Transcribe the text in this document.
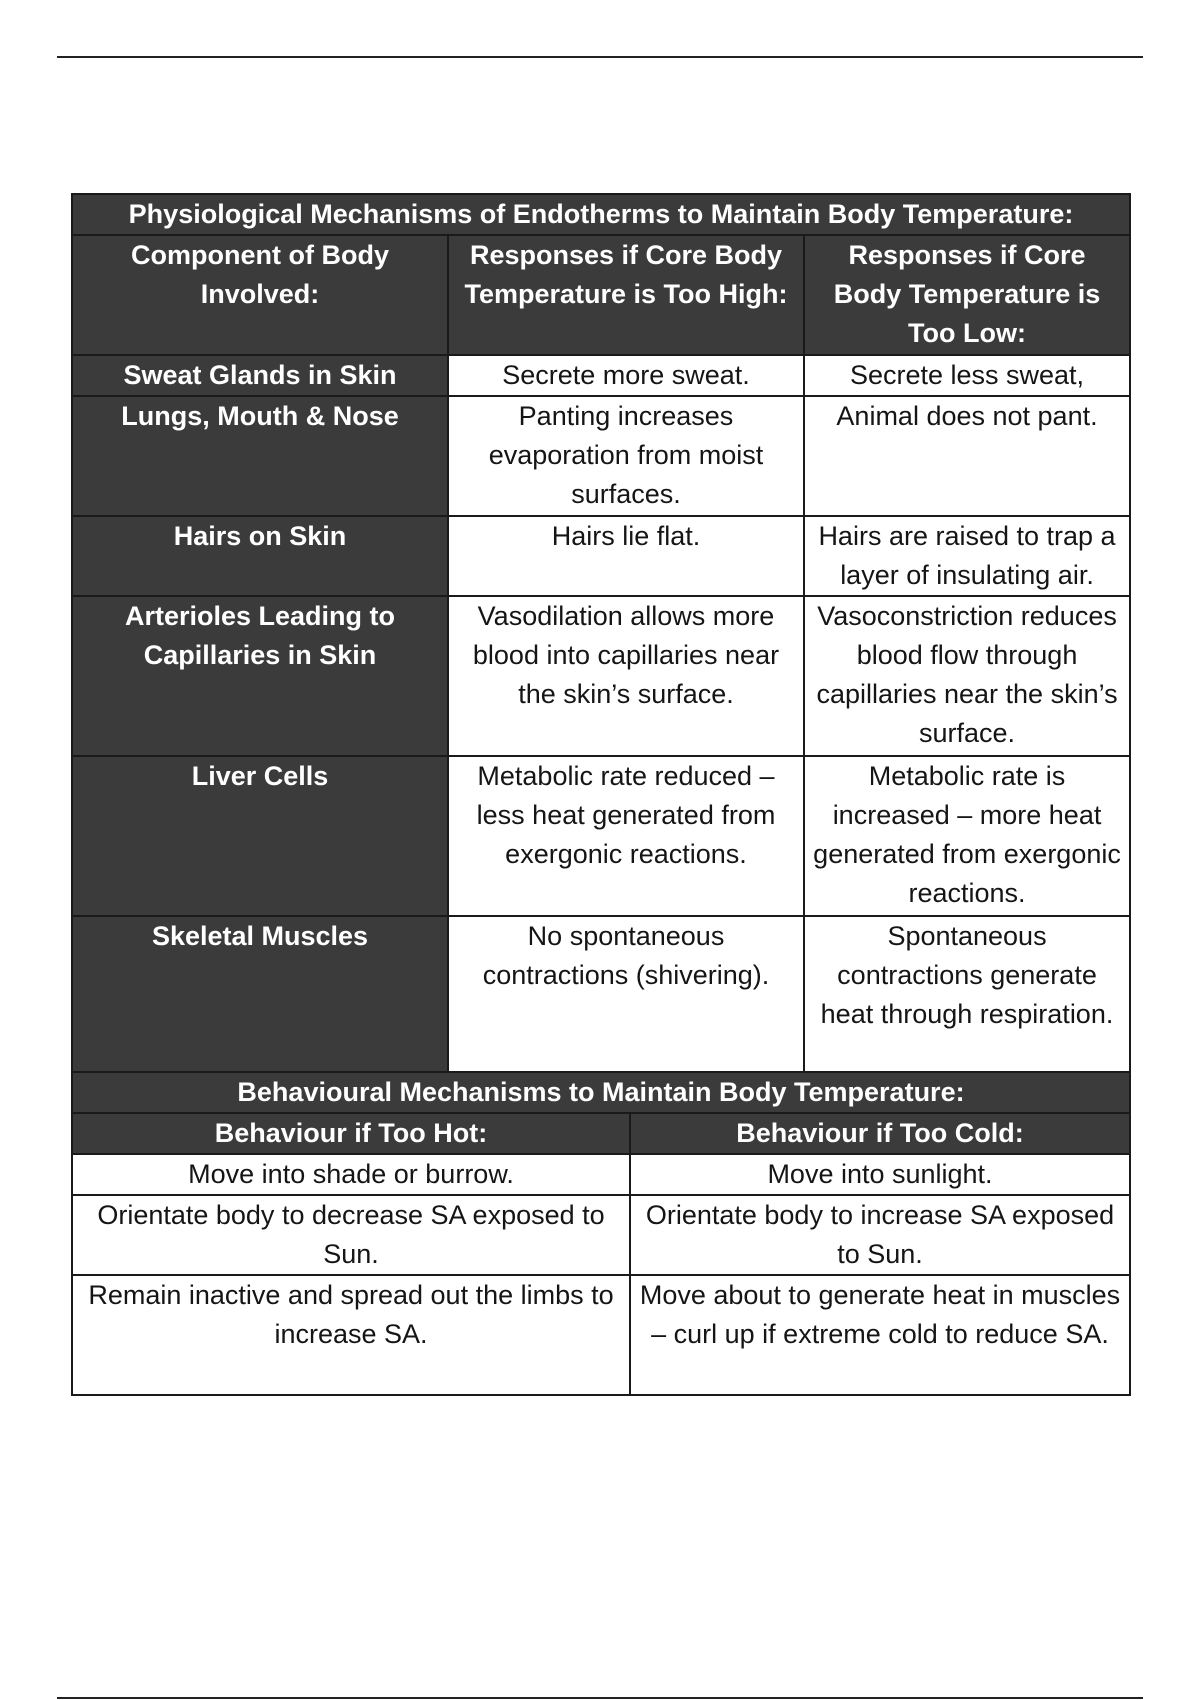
Physiological Mechanisms of Endotherms to Maintain Body Temperature:		
Component of Body Involved:	Responses if Core Body Temperature is Too High:	Responses if Core Body Temperature is Too Low:
Sweat Glands in Skin	Secrete more sweat.	Secrete less sweat,
Lungs, Mouth & Nose	Panting increases evaporation from moist surfaces.	Animal does not pant.
Hairs on Skin	Hairs lie flat.	Hairs are raised to trap a layer of insulating air.
Arterioles Leading to Capillaries in Skin	Vasodilation allows more blood into capillaries near the skin’s surface.	Vasoconstriction reduces blood flow through capillaries near the skin’s surface.
Liver Cells	Metabolic rate reduced – less heat generated from exergonic reactions.	Metabolic rate is increased – more heat generated from exergonic reactions.
Skeletal Muscles	No spontaneous contractions (shivering).	Spontaneous contractions generate heat through respiration.
Behavioural Mechanisms to Maintain Body Temperature:	
Behaviour if Too Hot:	Behaviour if Too Cold:
Move into shade or burrow.	Move into sunlight.
Orientate body to decrease SA exposed to Sun.	Orientate body to increase SA exposed to Sun.
Remain inactive and spread out the limbs to increase SA.	Move about to generate heat in muscles – curl up if extreme cold to reduce SA.
